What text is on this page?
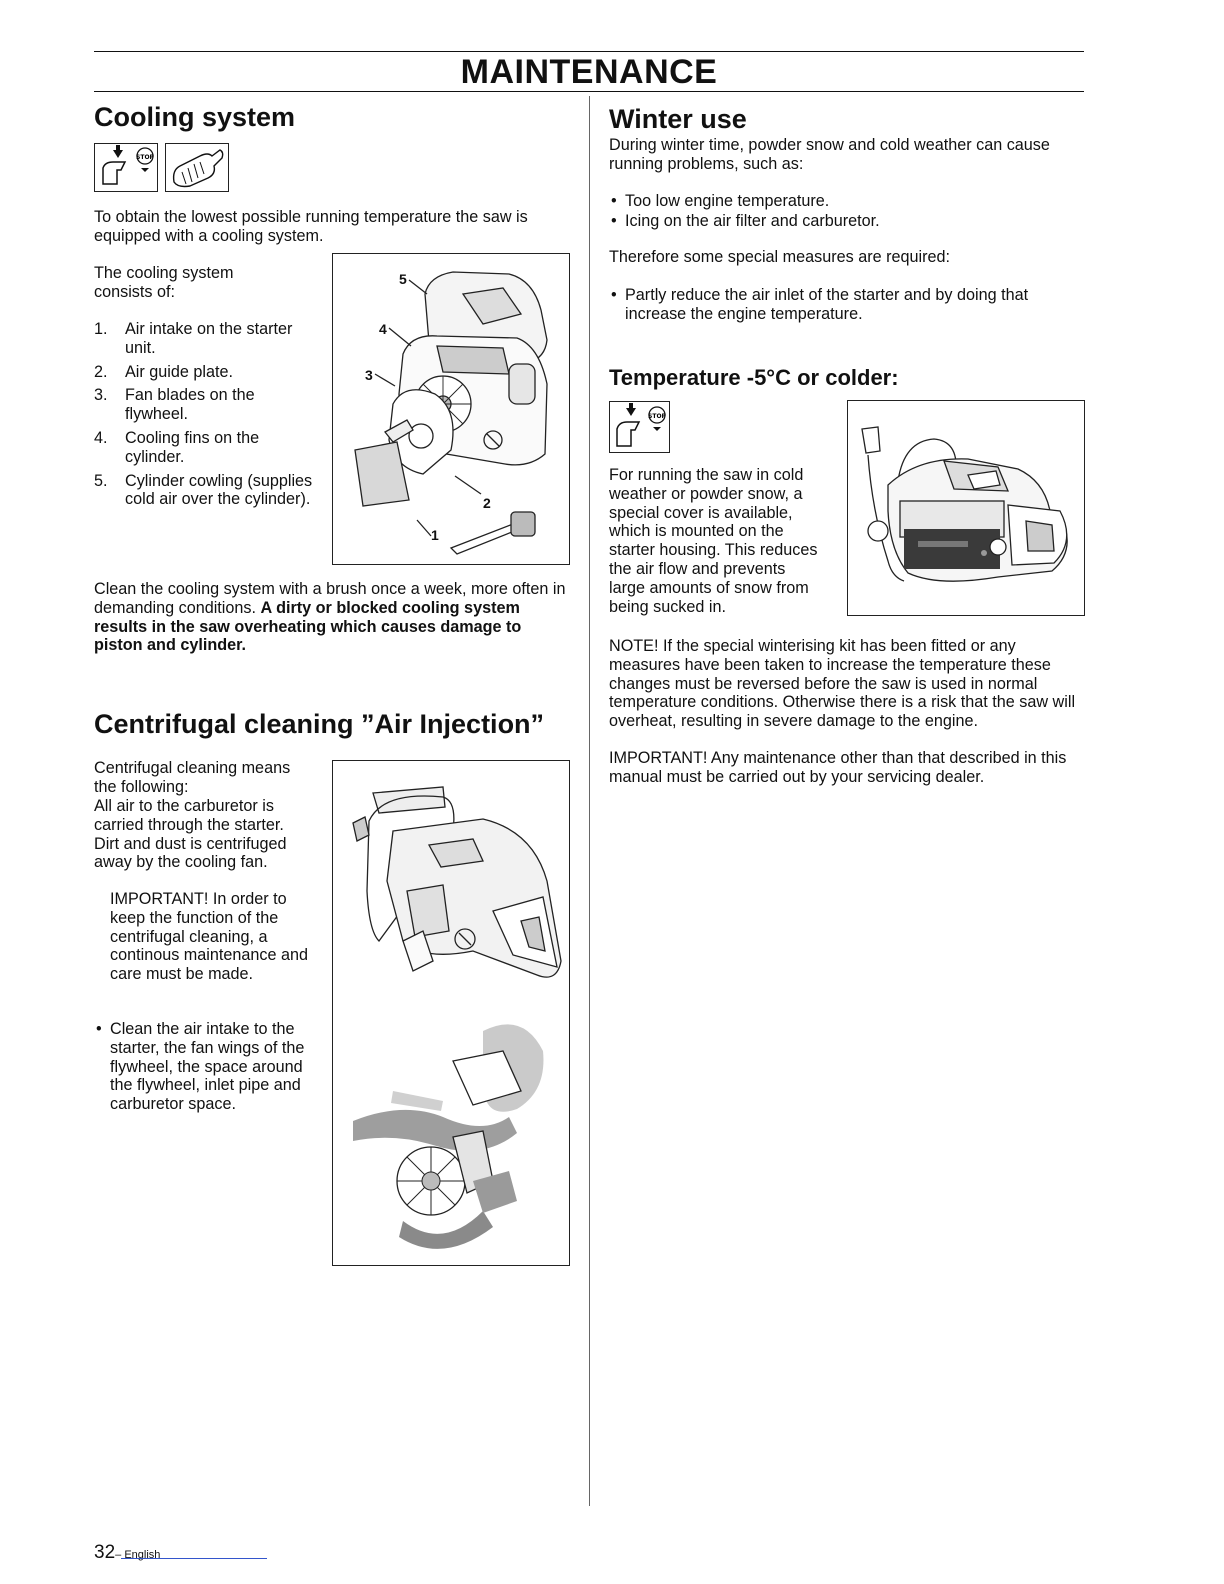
MAINTENANCE
Cooling system
STOP

To obtain the lowest possible running temperature the saw is equipped with a cooling system.

The cooling system consists of:

1. Air intake on the starter unit.
2. Air guide plate.
3. Fan blades on the flywheel.
4. Cooling fins on the cylinder.
5. Cylinder cowling (supplies cold air over the cylinder).
5
4
3
2
1

Clean the cooling system with a brush once a week, more often in demanding conditions. A dirty or blocked cooling system results in the saw overheating which causes damage to piston and cylinder.

Centrifugal cleaning ”Air Injection”

Centrifugal cleaning means the following:

All air to the carburetor is carried through the starter. Dirt and dust is centrifuged away by the cooling fan.

IMPORTANT! In order to keep the function of the centrifugal cleaning, a continous maintenance and care must be made.

• Clean the air intake to the starter, the fan wings of the flywheel, the space around the flywheel, inlet pipe and carburetor space.
Winter use

During winter time, powder snow and cold weather can cause running problems, such as:

• Too low engine temperature.
• Icing on the air filter and carburetor.

Therefore some special measures are required:

• Partly reduce the air inlet of the starter and by doing that increase the engine temperature.
Temperature -5°C or colder:
STOP

For running the saw in cold weather or powder snow, a special cover is available, which is mounted on the starter housing. This reduces the air flow and prevents large amounts of snow from being sucked in.

NOTE! If the special winterising kit has been fitted or any measures have been taken to increase the temperature these changes must be reversed before the saw is used in normal temperature conditions. Otherwise there is a risk that the saw will overheat, resulting in severe damage to the engine.

IMPORTANT! Any maintenance other than that described in this manual must be carried out by your servicing dealer.

32– English
